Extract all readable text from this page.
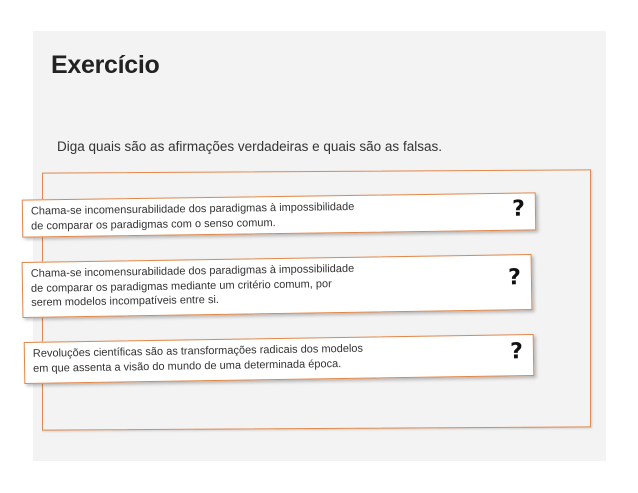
Exercício
Diga quais são as afirmações verdadeiras e quais são as falsas.
Chama-se incomensurabilidade dos paradigmas à impossibilidade
de comparar os paradigmas com o senso comum.
?
Chama-se incomensurabilidade dos paradigmas à impossibilidade
de comparar os paradigmas mediante um critério comum, por
serem modelos incompatíveis entre si.
?
Revoluções científicas são as transformações radicais dos modelos
em que assenta a visão do mundo de uma determinada época.
?
